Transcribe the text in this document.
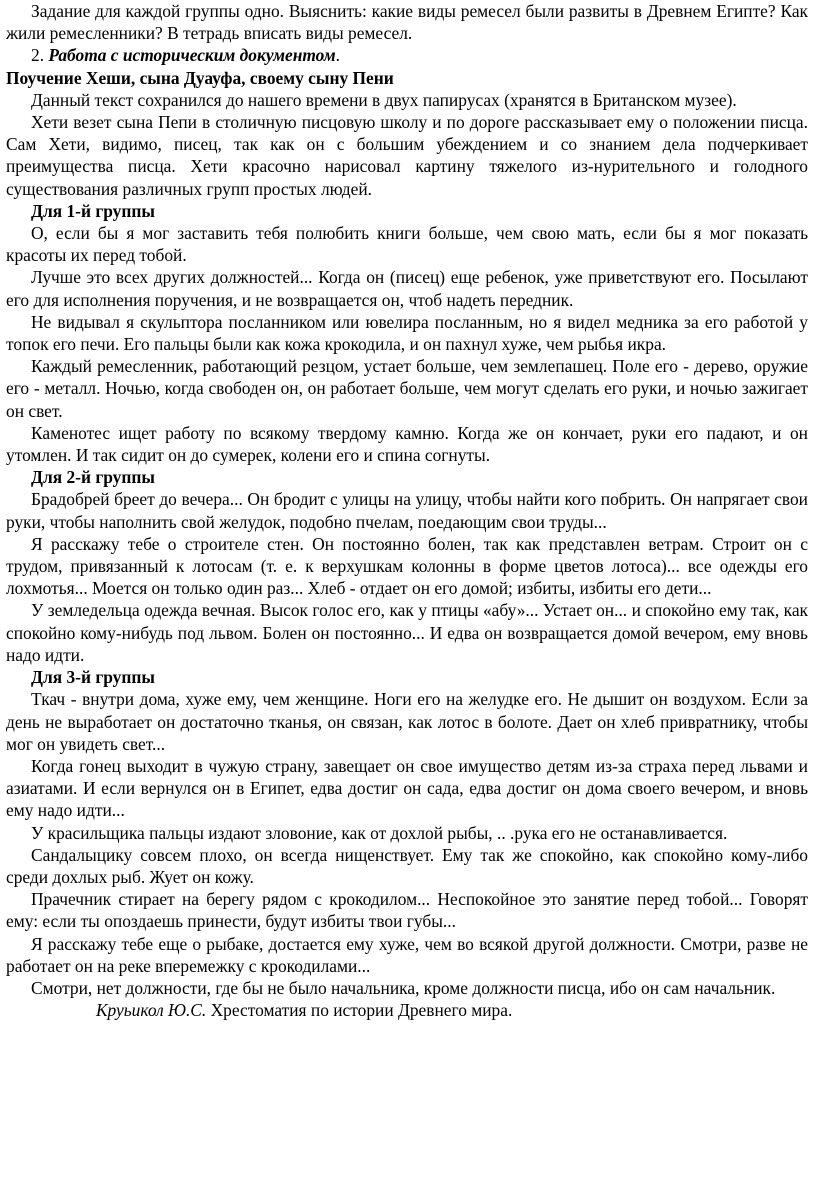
Задание для каждой группы одно. Выяснить: какие виды ремесел были развиты в Древнем Египте? Как жили ремесленники? В тетрадь вписать виды ремесел.

2. Работа с историческим документом.

Поучение Хеши, сына Дуауфа, своему сыну Пени

Данный текст сохранился до нашего времени в двух папирусах (хранятся в Британском музее).

Хети везет сына Пепи в столичную писцовую школу и по дороге рассказывает ему о положении писца. Сам Хети, видимо, писец, так как он с большим убеждением и со знанием дела подчеркивает преимущества писца. Хети красочно нарисовал картину тяжелого из-нурительного и голодного существования различных групп простых людей.

Для 1-й группы

О, если бы я мог заставить тебя полюбить книги больше, чем свою мать, если бы я мог показать красоты их перед тобой.

Лучше это всех других должностей... Когда он (писец) еще ребенок, уже приветствуют его. Посылают его для исполнения поручения, и не возвращается он, чтоб надеть передник.

Не видывал я скульптора посланником или ювелира посланным, но я видел медника за его работой у топок его печи. Его пальцы были как кожа крокодила, и он пахнул хуже, чем рыбья икра.

Каждый ремесленник, работающий резцом, устает больше, чем землепашец. Поле его - дерево, оружие его - металл. Ночью, когда свободен он, он работает больше, чем могут сделать его руки, и ночью зажигает он свет.

Каменотес ищет работу по всякому твердому камню. Когда же он кончает, руки его падают, и он утомлен. И так сидит он до сумерек, колени его и спина согнуты.

Для 2-й группы

Брадобрей бреет до вечера... Он бродит с улицы на улицу, чтобы найти кого побрить. Он напрягает свои руки, чтобы наполнить свой желудок, подобно пчелам, поедающим свои труды...

Я расскажу тебе о строителе стен. Он постоянно болен, так как представлен ветрам. Строит он с трудом, привязанный к лотосам (т. е. к верхушкам колонны в форме цветов лотоса)... все одежды его лохмотья... Моется он только один раз... Хлеб - отдает он его домой; избиты, избиты его дети...

У земледельца одежда вечная. Высок голос его, как у птицы «абу»... Устает он... и спокойно ему так, как спокойно кому-нибудь под львом. Болен он постоянно... И едва он возвращается домой вечером, ему вновь надо идти.

Для 3-й группы

Ткач - внутри дома, хуже ему, чем женщине. Ноги его на желудке его. Не дышит он воздухом. Если за день не выработает он достаточно тканья, он связан, как лотос в болоте. Дает он хлеб привратнику, чтобы мог он увидеть свет...

Когда гонец выходит в чужую страну, завещает он свое имущество детям из-за страха перед львами и азиатами. И если вернулся он в Египет, едва достиг он сада, едва достиг он дома своего вечером, и вновь ему надо идти...

У красильщика пальцы издают зловоние, как от дохлой рыбы, .. .рука его не останавливается.

Сандалыцику совсем плохо, он всегда нищенствует. Ему так же спокойно, как спокойно кому-либо среди дохлых рыб. Жует он кожу.

Прачечник стирает на берегу рядом с крокодилом... Неспокойное это занятие перед тобой... Говорят ему: если ты опоздаешь принести, будут избиты твои губы...

Я расскажу тебе еще о рыбаке, достается ему хуже, чем во всякой другой должности. Смотри, разве не работает он на реке вперемежку с крокодилами...

Смотри, нет должности, где бы не было начальника, кроме должности писца, ибо он сам начальник.

Круьикол Ю.С. Хрестоматия по истории Древнего мира.
